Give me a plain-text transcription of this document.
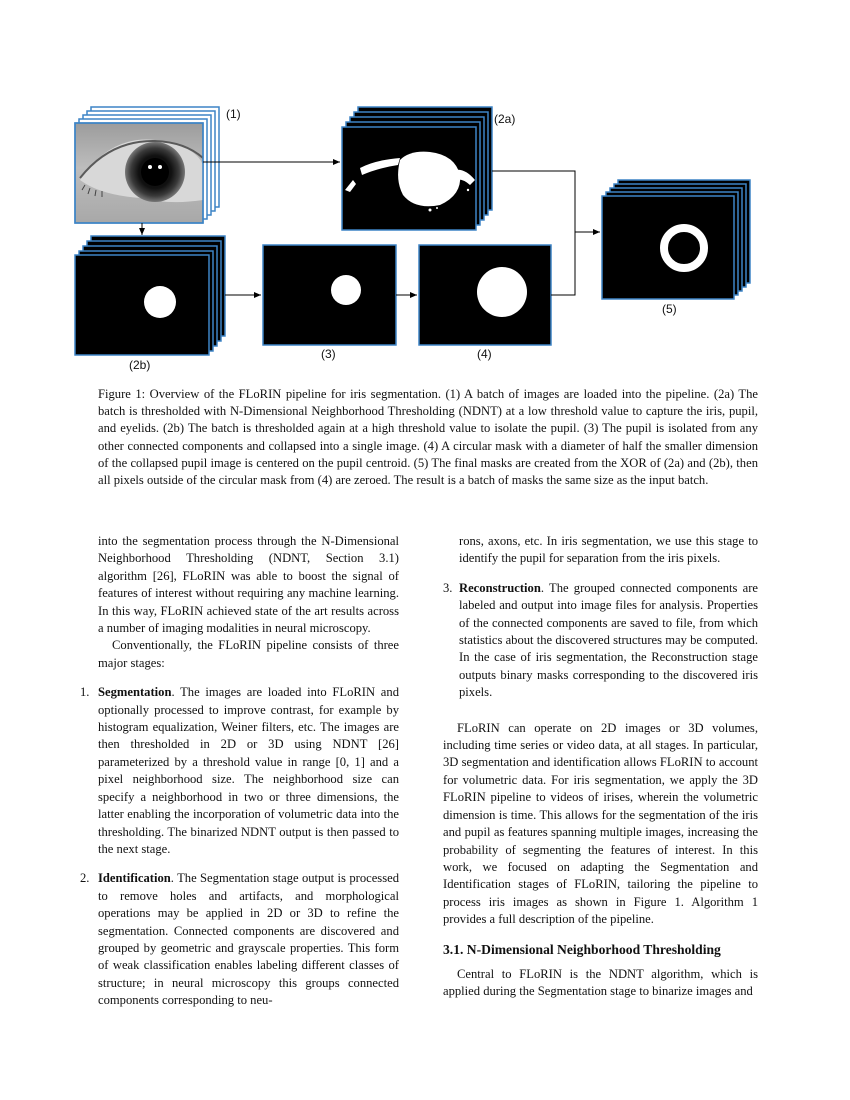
(1)	(2a)
(2b)
(3)	(4)
(5)
Figure 1: Overview of the FLoRIN pipeline for iris segmentation. (1) A batch of images are loaded into the pipeline. (2a) The batch is thresholded with N-Dimensional Neighborhood Thresholding (NDNT) at a low threshold value to capture the iris, pupil, and eyelids. (2b) The batch is thresholded again at a high threshold value to isolate the pupil. (3) The pupil is isolated from any other connected components and collapsed into a single image. (4) A circular mask with a diameter of half the smaller dimension of the collapsed pupil image is centered on the pupil centroid. (5) The final masks are created from the XOR of (2a) and (2b), then all pixels outside of the circular mask from (4) are zeroed. The result is a batch of masks the same size as the input batch.

into the segmentation process through the N-Dimensional Neighborhood Thresholding (NDNT, Section 3.1) algorithm [26], FLoRIN was able to boost the signal of features of interest without requiring any machine learning. In this way, FLoRIN achieved state of the art results across a number of imaging modalities in neural microscopy.

Conventionally, the FLoRIN pipeline consists of three major stages:

1. Segmentation. The images are loaded into FLoRIN and optionally processed to improve contrast, for example by histogram equalization, Weiner filters, etc. The images are then thresholded in 2D or 3D using NDNT [26] parameterized by a threshold value in range [0, 1] and a pixel neighborhood size. The neighborhood size can specify a neighborhood in two or three dimensions, the latter enabling the incorporation of volumetric data into the thresholding. The binarized NDNT output is then passed to the next stage.
2. Identification. The Segmentation stage output is processed to remove holes and artifacts, and morphological operations may be applied in 2D or 3D to refine the segmentation. Connected components are discovered and grouped by geometric and grayscale properties. This form of weak classification enables labeling different classes of structure; in neural microscopy this groups connected components corresponding to neu-

rons, axons, etc. In iris segmentation, we use this stage to identify the pupil for separation from the iris pixels.

3. Reconstruction. The grouped connected components are labeled and output into image files for analysis. Properties of the connected components are saved to file, from which statistics about the discovered structures may be computed. In the case of iris segmentation, the Reconstruction stage outputs binary masks corresponding to the discovered iris pixels.

FLoRIN can operate on 2D images or 3D volumes, including time series or video data, at all stages. In particular, 3D segmentation and identification allows FLoRIN to account for volumetric data. For iris segmentation, we apply the 3D FLoRIN pipeline to videos of irises, wherein the volumetric dimension is time. This allows for the segmentation of the iris and pupil as features spanning multiple images, increasing the probability of segmenting the features of interest. In this work, we focused on adapting the Segmentation and Identification stages of FLoRIN, tailoring the pipeline to process iris images as shown in Figure 1. Algorithm 1 provides a full description of the pipeline.

3.1. N-Dimensional Neighborhood Thresholding

Central to FLoRIN is the NDNT algorithm, which is applied during the Segmentation stage to binarize images and
